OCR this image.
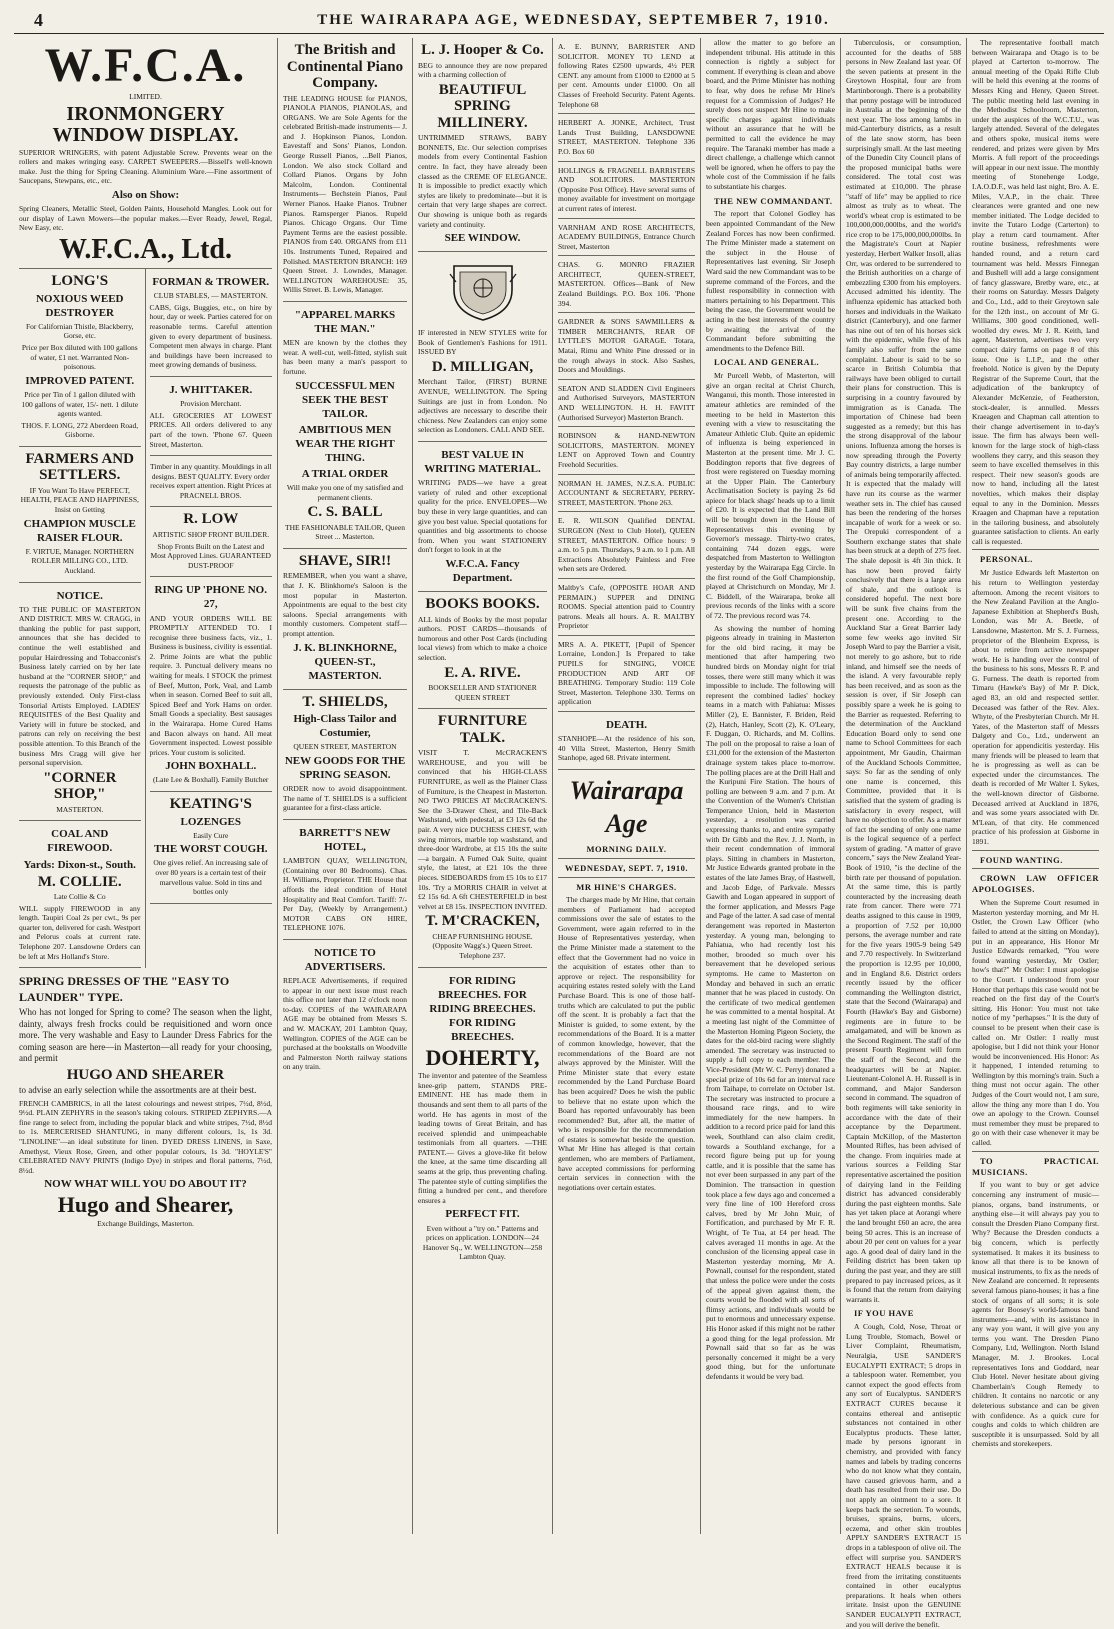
4	THE WAIRARAPA AGE, WEDNESDAY, SEPTEMBER 7, 1910.
W.F.C.A.

LIMITED.

IRONMONGERY WINDOW DISPLAY.

SUPERIOR WRINGERS, with patent Adjustable Screw. Prevents wear on the rollers and makes wringing easy. CARPET SWEEPERS.—Bissell's well-known make. Just the thing for Spring Cleaning. Aluminium Ware.—Fine assortment of Saucepans, Stewpans, etc., etc.

Also on Show:

Spring Cleaners, Metallic Steel, Golden Paints, Household Mangles. Look out for our display of Lawn Mowers—the popular makes.—Ever Ready, Jewel, Regal, New Easy, etc.

W.F.C.A., Ltd.
LONG'S

NOXIOUS WEED DESTROYER

For Californian Thistle, Blackberry, Gorse, etc.

Price per Box diluted with 100 gallons of water, £1 net. Warranted Non-poisonous.

IMPROVED PATENT.

Price per Tin of 1 gallon diluted with 100 gallons of water, 15/- nett. 1 dilute agents wanted.

THOS. F. LONG, 272 Aberdeen Road, Gisborne.

FARMERS AND SETTLERS.

IF You Want To Have PERFECT, HEALTH, PEACE AND HAPPINESS, Insist on Getting

CHAMPION MUSCLE RAISER FLOUR.

F. VIRTUE, Manager. NORTHERN ROLLER MILLING CO., LTD. Auckland.

NOTICE.

TO THE PUBLIC OF MASTERTON AND DISTRICT. MRS W. CRAGG, in thanking the public for past support, announces that she has decided to continue the well established and popular Hairdressing and Tobacconist's Business lately carried on by her late husband at the "CORNER SHOP," and requests the patronage of the public as previously extended. Only First-class Tonsorial Artists Employed. LADIES' REQUISITES of the Best Quality and Variety will in future be stocked, and patrons can rely on receiving the best possible attention. To this Branch of the business Mrs Cragg will give her personal supervision.

"CORNER SHOP,"

MASTERTON.

COAL AND FIREWOOD.

Yards: Dixon-st., South.

M. COLLIE.

Late Collie & Co

WILL supply FIREWOOD in any length. Taupiri Coal 2s per cwt., 9s per quarter ton, delivered for cash. Westport and Pelorus coals at current rate. Telephone 207. Lansdowne Orders can be left at Mrs Holland's Store.

FORMAN & TROWER.

CLUB STABLES, — MASTERTON.

CABS, Gigs, Buggies, etc., on hire by hour, day or week. Parties catered for on reasonable terms. Careful attention given to every department of business. Competent men always in charge. Plant and buildings have been increased to meet growing demands of business.

J. WHITTAKER.

Provision Merchant.

ALL GROCERIES AT LOWEST PRICES. All orders delivered to any part of the town. 'Phone 67. Queen Street, Masterton.

Timber in any quantity. Mouldings in all designs. BEST QUALITY. Every order receives expert attention. Right Prices at PRACNELL BROS.

R. LOW

ARTISTIC SHOP FRONT BUILDER.

Shop Fronts Built on the Latest and Most Approved Lines. GUARANTEED DUST-PROOF

RING UP 'PHONE NO. 27,

AND YOUR ORDERS WILL BE PROMPTLY ATTENDED TO. I recognise three business facts, viz., 1. Business is business, civility is essential. 2. Prime Joints are what the public require. 3. Punctual delivery means no waiting for meals. I STOCK the primest of Beef, Mutton, Pork, Veal, and Lamb when in season. Corned Beef to suit all, Spiced Beef and York Hams on order. Small Goods a speciality. Best sausages in the Wairarapa. Home Cured Hams and Bacon always on hand. All meat Government inspected. Lowest possible prices. Your custom is solicited.

JOHN BOXHALL.

(Late Lee & Boxhall). Family Butcher

KEATING'S

LOZENGES

Easily Cure

THE WORST COUGH.

One gives relief. An increasing sale of over 80 years is a certain test of their marvellous value. Sold in tins and bottles only

SPRING DRESSES OF THE "EASY TO LAUNDER" TYPE.

Who has not longed for Spring to come? The season when the light, dainty, always fresh frocks could be requisitioned and worn once more. The very washable and Easy to Launder Dress Fabrics for the coming season are here—in Masterton—all ready for your choosing, and permit

HUGO AND SHEARER

to advise an early selection while the assortments are at their best.

FRENCH CAMBRICS, in all the latest colourings and newest stripes, 7½d, 8½d, 9½d. PLAIN ZEPHYRS in the season's taking colours. STRIPED ZEPHYRS.—A fine range to select from, including the popular black and white stripes, 7½d, 8½d to 1s. MERCERISED SHANTUNG, in many different colours, 1s, 1s 3d. "LINOLINE"—an ideal substitute for linen. DYED DRESS LINENS, in Saxe, Amethyst, Vieux Rose, Green, and other popular colours, 1s 3d. "HOYLE'S" CELEBRATED NAVY PRINTS (Indigo Dye) in stripes and floral patterns, 7½d, 8½d.

NOW WHAT WILL YOU DO ABOUT IT?

Hugo and Shearer,

Exchange Buildings, Masterton.

The British and Continental Piano Company.

THE LEADING HOUSE for PIANOS, PIANOLA PIANOS, PIANOLAS, and ORGANS. We are Sole Agents for the celebrated British-made instruments— J. and J. Hopkinson Pianos, London. Eavestaff and Sons' Pianos, London. George Russell Pianos, ...Bell Pianos, London. We also stock Collard and Collard Pianos. Organs by John Malcolm, London. Continental Instruments— Bechstein Pianos, Paul Werner Pianos. Haake Pianos. Trubner Pianos. Ramsperger Pianos. Rupeld Pianos. Chicago Organs. Our Time Payment Terms are the easiest possible. PIANOS from £40. ORGANS from £11 10s. Instruments Tuned, Repaired and Polished. MASTERTON BRANCH: 169 Queen Street. J. Lowndes, Manager. WELLINGTON WAREHOUSE: 35, Willis Street. B. Lewis, Manager.

"APPAREL MARKS THE MAN."

MEN are known by the clothes they wear. A well-cut, well-fitted, stylish suit has been many a man's passport to fortune.

SUCCESSFUL MEN SEEK THE BEST TAILOR.

AMBITIOUS MEN WEAR THE RIGHT THING.

A TRIAL ORDER

Will make you one of my satisfied and permanent clients.

C. S. BALL

THE FASHIONABLE TAILOR, Queen Street ... Masterton.

SHAVE, SIR!!

REMEMBER, when you want a shave, that J. K. Blinkhorne's Saloon is the most popular in Masterton. Appointments are equal to the best city saloons. Special arrangements with monthly customers. Competent staff—prompt attention.

J. K. BLINKHORNE, QUEEN-ST., MASTERTON.

T. SHIELDS,

High-Class Tailor and Costumier,

QUEEN STREET, MASTERTON

NEW GOODS FOR THE SPRING SEASON.

ORDER now to avoid disappointment. The name of T. SHIELDS is a sufficient guarantee for a first-class article.

BARRETT'S NEW HOTEL,

LAMBTON QUAY, WELLINGTON, (Containing over 80 Bedrooms). Chas. H. Williams, Proprietor. THE House that affords the ideal condition of Hotel Hospitality and Real Comfort. Tariff: 7/- Per Day, (Weekly by Arrangement.) MOTOR CABS ON HIRE, TELEPHONE 1076.

NOTICE TO ADVERTISERS.

REPLACE Advertisements, if required to appear in our next issue must reach this office not later than 12 o'clock noon to-day. COPIES of the WAIRARAPA AGE may be obtained from Messrs S. and W. MACKAY, 201 Lambton Quay, Wellington. COPIES of the AGE can be purchased at the bookstalls on Woodville and Palmerston North railway stations on any train.

L. J. Hooper & Co.

BEG to announce they are now prepared with a charming collection of

BEAUTIFUL SPRING MILLINERY.

UNTRIMMED STRAWS, BABY BONNETS, Etc. Our selection comprises models from every Continental Fashion centre. In fact, they have already been classed as the CREME OF ELEGANCE. It is impossible to predict exactly which styles are likely to predominate—but it is certain that very large shapes are correct. Our showing is unique both as regards variety and continuity.

SEE WINDOW.

IF interested in NEW STYLES write for Book of Gentlemen's Fashions for 1911. ISSUED BY

D. MILLIGAN,

Merchant Tailor, (FIRST) BURNE AVENUE, WELLINGTON. The Spring Suitings are just in from London. No adjectives are necessary to describe their chicness. New Zealanders can enjoy some selection as Londoners. CALL AND SEE.

BEST VALUE IN WRITING MATERIAL.

WRITING PADS—we have a great variety of ruled and other exceptional quality for the price. ENVELOPES—We buy these in very large quantities, and can give you best value. Special quotations for quantities and big assortments to choose from. When you want STATIONERY don't forget to look in at the

W.F.C.A. Fancy Department.

BOOKS BOOKS.

ALL kinds of Books by the most popular authors. POST CARDS—thousands of humorous and other Post Cards (including local views) from which to make a choice selection.

E. A. RIVE.

BOOKSELLER AND STATIONER QUEEN STREET

FURNITURE TALK.

VISIT T. McCRACKEN'S WAREHOUSE, and you will be convinced that his HIGH-CLASS FURNITURE, as well as the Plainer Class of Furniture, is the Cheapest in Masterton. NO TWO PRICES AT McCRACKEN'S. See the 3-Drawer Chest, and Tile-Back Washstand, with pedestal, at £3 12s 6d the pair. A very nice DUCHESS CHEST, with swing mirrors, marble top washstand, and three-door Wardrobe, at £15 10s the suite—a bargain. A Fumed Oak Suite, quaint style, the latest, at £21 10s the three pieces. SIDEBOARDS from £5 10s to £17 10s. 'Try a MORRIS CHAIR in velvet at £2 15s 6d. A 6ft CHESTERFIELD in best velvet at £8 15s. INSPECTION INVITED.

T. M'CRACKEN,

CHEAP FURNISHING HOUSE. (Opposite Wagg's.) Queen Street. Telephone 237.

FOR RIDING BREECHES. FOR RIDING BREECHES. FOR RIDING BREECHES.

DOHERTY,

The inventor and patentee of the Seamless knee-grip pattern, STANDS PRE-EMINENT. HE has made them in thousands and sent them to all parts of the world. He has agents in most of the leading towns of Great Britain, and has received splendid and unimpeachable testimonials from all quarters. —THE PATENT.— Gives a glove-like fit below the knee, at the same time discarding all seams at the grip, thus preventing chafing. The patentee style of cutting simplifies the fitting a hundred per cent., and therefore ensures a

PERFECT FIT.

Even without a "try on." Patterns and prices on application. LONDON—24 Hanover Sq., W. WELLINGTON—258 Lambton Quay.

A. E. BUNNY, BARRISTER AND SOLICITOR. MONEY TO LEND at following Rates £2500 upwards, 4½ PER CENT. any amount from £1000 to £2000 at 5 per cent. Amounts under £1000. On all Classes of Freehold Security. Patent Agents. Telephone 68
HERBERT A. JONKE, Architect, Trust Lands Trust Building, LANSDOWNE STREET, MASTERTON. Telephone 336 P.O. Box 60
HOLLINGS & FRAGNELL BARRISTERS AND SOLICITORS. MASTERTON (Opposite Post Office). Have several sums of money available for investment on mortgage at current rates of interest.
VARNHAM AND ROSE ARCHITECTS, ACADEMY BUILDINGS, Entrance Church Street, Masterton
CHAS. G. MONRO FRAZIER ARCHITECT, QUEEN-STREET, MASTERTON. Offices—Bank of New Zealand Buildings. P.O. Box 106. 'Phone 394.
GARDNER & SONS SAWMILLERS & TIMBER MERCHANTS, REAR OF LYTTLE'S MOTOR GARAGE. Totara, Matai, Rimu and White Pine dressed or in the rough always in stock. Also Sashes, Doors and Mouldings.
SEATON AND SLADDEN Civil Engineers and Authorised Surveyors, MASTERTON AND WELLINGTON. H. H. FAVITT (Authorised Surveyor) Masterton Branch.
ROBINSON & HAND-NEWTON SOLICITORS, MASTERTON. MONEY LENT on Approved Town and Country Freehold Securities.
NORMAN H. JAMES, N.Z.S.A. PUBLIC ACCOUNTANT & SECRETARY, PERRY-STREET, MASTERTON. 'Phone 263.
E. R. WILSON Qualified DENTAL SURGEON (Next to Club Hotel), QUEEN STREET, MASTERTON. Office hours: 9 a.m. to 5 p.m. Thursdays, 9 a.m. to 1 p.m. All Extractions Absolutely Painless and Free when sets are Ordered.
Maltby's Cafe, (OPPOSITE HOAR AND PERMAIN.) SUPPER and DINING ROOMS. Special attention paid to Country patrons. Meals all hours. A. R. MALTBY Proprietor
MRS A. A. PIKETT, [Pupil of Spencer Lorraine, London.] Is Prepared to take PUPILS for SINGING, VOICE PRODUCTION AND ART OF BREATHING. Temporary Studio: 119 Cole Street, Masterton. Telephone 330. Terms on application

DEATH.

STANHOPE—At the residence of his son, 40 Villa Street, Masterton, Henry Smith Stanhope, aged 68. Private interment.

Wairarapa Age

MORNING DAILY.

WEDNESDAY, SEPT. 7, 1910.

MR HINE'S CHARGES.

The charges made by Mr Hine, that certain members of Parliament had accepted commissions over the sale of estates to the Government, were again referred to in the House of Representatives yesterday, when the Prime Minister made a statement to the effect that the Government had no voice in the acquisition of estates other than to approve or reject. The responsibility for acquiring estates rested solely with the Land Purchase Board. This is one of those half-truths which are calculated to put the public off the scent. It is probably a fact that the Minister is guided, to some extent, by the recommendations of the Board. It is a matter of common knowledge, however, that the recommendations of the Board are not always approved by the Minister. Will the Prime Minister state that every estate recommended by the Land Purchase Board has been acquired? Does he wish the public to believe that no estate upon which the Board has reported unfavourably has been recommended? But, after all, the matter of who is responsible for the recommendation of estates is somewhat beside the question. What Mr Hine has alleged is that certain gentlemen, who are members of Parliament, have accepted commissions for performing certain services in connection with the negotiations over certain estates.

allow the matter to go before an independent tribunal. His attitude in this connection is rightly a subject for comment. If everything is clean and above board, and the Prime Minister has nothing to fear, why does he refuse Mr Hine's request for a Commission of Judges? He surely does not suspect Mr Hine to make specific charges against individuals without an assurance that he will be permitted to call the evidence he may require. The Taranaki member has made a direct challenge, a challenge which cannot well be ignored, when he offers to pay the whole cost of the Commission if he fails to substantiate his charges.

THE NEW COMMANDANT.

The report that Colonel Godley has been appointed Commandant of the New Zealand Forces has now been confirmed. The Prime Minister made a statement on the subject in the House of Representatives last evening. Sir Joseph Ward said the new Commandant was to be supreme command of the Forces, and the fullest responsibility in connection with matters pertaining to his Department. This being the case, the Government would be acting in the best interests of the country by awaiting the arrival of the Commandant before submitting the amendments to the Defence Bill.

LOCAL AND GENERAL.

Mr Purcell Webb, of Masterton, will give an organ recital at Christ Church, Wanganui, this month. Those interested in amateur athletics are reminded of the meeting to be held in Masterton this evening with a view to resuscitating the Amateur Athletic Club. Quite an epidemic of influenza is being experienced in Masterton at the present time. Mr J. C. Boddington reports that five degrees of frost were registered on Tuesday morning at the Upper Plain. The Canterbury Acclimatisation Society is paying 2s 6d apiece for black shags' heads up to a limit of £20. It is expected that the Land Bill will be brought down in the House of Representatives this evening by Governor's message. Thirty-two crates, containing 744 dozen eggs, were despatched from Masterton to Wellington yesterday by the Wairarapa Egg Circle. In the first round of the Golf Championship, played at Christchurch on Monday, Mr J. C. Biddell, of the Wairarapa, broke all previous records of the links with a score of 72. The previous record was 74.

As showing the number of homing pigeons already in training in Masterton for the old bird racing, it may be mentioned that after hampering two hundred birds on Monday night for trial tosses, there were still many which it was impossible to include. The following will represent the combined ladies' hockey teams in a match with Pahiatua: Misses Miller (2), E. Bannister, F. Briden, Reid (2), Hatch, Hanley, Scott (2), K. O'Leary, F. Duggan, O. Richards, and M. Collins. The poll on the proposal to raise a loan of £31,000 for the extension of the Masterton drainage system takes place to-morrow. The polling places are at the Drill Hall and the Kuripuni Fire Station. The hours of polling are between 9 a.m. and 7 p.m. At the Convention of the Women's Christian Temperance Union, held in Masterton yesterday, a resolution was carried expressing thanks to, and entire sympathy with Dr Gibb and the Rev. J. J. North, in their recent condemnation of immoral plays. Sitting in chambers in Masterton, Mr Justice Edwards granted probate in the estates of the late James Bray, of Hastwell, and Jacob Edge, of Parkvale. Messrs Gawith and Logan appeared in support of the former application, and Messrs Page and Page of the latter. A sad case of mental derangement was reported in Masterton yesterday. A young man, belonging to Pahiatua, who had recently lost his mother, brooded so much over his bereavement that he developed serious symptoms. He came to Masterton on Monday and behaved in such an erratic manner that he was placed in custody. On the certificate of two medical gentlemen he was committed to a mental hospital. At a meeting last night of the Committee of the Masterton Homing Pigeon Society, the dates for the old-bird racing were slightly amended. The secretary was instructed to supply a full copy to each member. The Vice-President (Mr W. C. Perry) donated a special prize of 10s 6d for an interval race from Taihape, to correlate on October 1st. The secretary was instructed to procure a thousand race rings, and to wire immediately for the new hampers. In addition to a record price paid for land this week, Southland can also claim credit, towards a Southland exchange, for a record figure being put up for young cattle, and it is possible that the same has not ever been surpassed in any part of the Dominion. The transaction in question took place a few days ago and concerned a very fine line of 100 Hereford cross calves, bred by Mr John Muir, of Fortification, and purchased by Mr F. R. Wright, of Te Tua, at £4 per head. The calves averaged 11 months in age. At the conclusion of the licensing appeal case in Masterton yesterday morning, Mr A. Pownall, counsel for the respondent, stated that unless the police were under the costs of the appeal given against them, the courts would be flooded with all sorts of flimsy actions, and individuals would be put to enormous and unnecessary expense. His Honor asked if this might not be rather a good thing for the legal profession. Mr Pownall said that so far as he was personally concerned it might be a very good thing, but for the unfortunate defendants it would be very bad.

Tuberculosis, or consumption, accounted for the deaths of 588 persons in New Zealand last year. Of the seven patients at present in the Greytown Hospital, four are from Martinborough. There is a probability that penny postage will be introduced in Australia at the beginning of the next year. The loss among lambs in mid-Canterbury districts, as a result of the late snow storm, has been surprisingly small. At the last meeting of the Dunedin City Council plans of the proposed municipal baths were considered. The total cost was estimated at £10,000. The phrase "staff of life" may be applied to rice almost as truly as to wheat. The world's wheat crop is estimated to be 100,000,000,000lbs, and the world's rice crop to be 175,000,000,000lbs. In the Magistrate's Court at Napier yesterday, Herbert Walker Insoll, alias Orr, was ordered to be surrendered to the British authorities on a charge of embezzling £300 from his employers. Accused admitted his identity. The influenza epidemic has attacked both horses and individuals in the Waikato district (Canterbury), and one farmer has nine out of ten of his horses sick with the epidemic, while five of his family also suffer from the same complaint. Labour is said to be so scarce in British Columbia that railways have been obliged to curtail their plans for construction. This is surprising in a country favoured by immigration as is Canada. The importation of Chinese had been suggested as a remedy; but this has the strong disapproval of the labour unions. Influenza among the horses is now spreading through the Poverty Bay country districts, a large number of animals being temporarily affected. It is expected that the malady will have run its course as the warmer weather sets in. The chief has caused has been the rendering of the horses incapable of work for a week or so. The Orepuki correspondent of a Southern exchange states that shale has been struck at a depth of 275 feet. The shale deposit is 4ft 3in thick. It has now been proved fairly conclusively that there is a large area of shale, and the outlook is considered hopeful. The next bore will be sunk five chains from the present one. According to the Auckland Star a Great Barrier lady some few weeks ago invited Sir Joseph Ward to pay the Barrier a visit, not merely to go ashore, but to ride inland, and himself see the needs of the island. A very favourable reply has been received, and as soon as the session is over, if Sir Joseph can possibly spare a week he is going to the Barrier as requested. Referring to the determination of the Auckland Education Board only to send one name to School Committees for each appointment, Mr Gaudin, Chairman of the Auckland Schools Committee, says: So far as the sending of only one name is concerned, this Committee, provided that it is satisfied that the system of grading is satisfactory in every respect, will have no objection to offer. As a matter of fact the sending of only one name is the logical sequence of a perfect system of grading. "A matter of grave concern," says the New Zealand Year-Book of 1910, "is the decline of the birth rate per thousand of population. At the same time, this is partly counteracted by the increasing death rate from cancer. There were 771 deaths assigned to this cause in 1909, a proportion of 7.52 per 10,000 persons, the average number and rate for the five years 1905-9 being 549 and 7.70 respectively. In Switzerland the proportion is 12.95 per 10,000, and in England 8.6. District orders recently issued by the officer commanding the Wellington district, state that the Second (Wairarapa) and Fourth (Hawke's Bay and Gisborne) regiments are in future to be amalgamated, and will be known as the Second Regiment. The staff of the present Fourth Regiment will form the staff of the Second, and the headquarters will be at Napier. Lieutenant-Colonel A. H. Russell is in command, and Major Sanderson second in command. The squadron of both regiments will take seniority in accordance with the date of their acceptance by the Department. Captain McKillop, of the Masterton Mounted Rifles, has been advised of the change. From inquiries made at various sources a Feilding Star representative ascertained the position of dairying land in the Feilding district has advanced considerably during the past eighteen months. Sale has yet taken place at Aorangi where the land brought £60 an acre, the area being 50 acres. This is an increase of about 20 per cent on values for a year ago. A good deal of dairy land in the Feilding district has been taken up during the past year, and they are still prepared to pay increased prices, as it is found that the return from dairying warrants it.

IF YOU HAVE

A Cough, Cold, Nose, Throat or Lung Trouble, Stomach, Bowel or Liver Complaint, Rheumatism, Neuralgia, USE SANDER'S EUCALYPTI EXTRACT; 5 drops in a tablespoon water. Remember, you cannot expect the good effects from any sort of Eucalyptus. SANDER'S EXTRACT CURES because it contains ethereal and antiseptic substances not contained in other Eucalyptus products. These latter, made by persons ignorant in chemistry, and provided with fancy names and labels by trading concerns who do not know what they contain, have caused grievous harm, and a death has resulted from their use. Do not apply an ointment to a sore. It keeps back the secretion. To wounds, bruises, sprains, burns, ulcers, eczema, and other skin troubles APPLY SANDER'S EXTRACT 15 drops in a tablespoon of olive oil. The effect will surprise you. SANDER'S EXTRACT HEALS because it is freed from the irritating constituents contained in other eucalyptus preparations. It heals when others irritate. Insist upon the GENUINE SANDER EUCALYPTI EXTRACT, and you will derive the benefit.

The representative football match between Wairarapa and Otago is to be played at Carterton to-morrow. The annual meeting of the Opaki Rifle Club will be held this evening at the rooms of Messrs King and Henry, Queen Street. The public meeting held last evening in the Methodist Schoolroom, Masterton, under the auspices of the W.C.T.U., was largely attended. Several of the delegates and others spoke, musical items were rendered, and prizes were given by Mrs Morris. A full report of the proceedings will appear in our next issue. The monthly meeting of Stonehenge Lodge, I.A.O.D.F., was held last night, Bro. A. E. Miles, V.A.P., in the chair. Three clearances were granted and one new member initiated. The Lodge decided to invite the Tutaro Lodge (Carterton) to play a return card tournament. After routine business, refreshments were handed round, and a return card tournament was held. Messrs Finnegan and Bushell will add a large consignment of fancy glassware, Bretby ware, etc., at their rooms on Saturday. Messrs Dalgety and Co., Ltd., add to their Greytown sale for the 12th inst., on account of Mr G. Williams, 300 good conditioned, well-woolled dry ewes. Mr J. R. Keith, land agent, Masterton, advertises two very compact dairy farms on page 8 of this issue. One is L.I.P., and the other freehold. Notice is given by the Deputy Registrar of the Supreme Court, that the adjudication of the bankruptcy of Alexander McKenzie, of Featherston, stock-dealer, is annulled. Messrs Kraeagen and Chapman call attention to their change advertisement in to-day's issue. The firm has always been well-known for the large stock of high-class woollens they carry, and this season they seem to have excelled themselves in this respect. Their new season's goods are now to hand, including all the latest novelties, which makes their display equal to any in the Dominion. Messrs Kraagen and Chapman have a reputation in the tailoring business, and absolutely guarantee satisfaction to clients. An early call is requested.

PERSONAL.

Mr Justice Edwards left Masterton on his return to Wellington yesterday afternoon. Among the recent visitors to the New Zealand Pavilion at the Anglo-Japanese Exhibition at Shepherd's Bush, London, was Mr A. Beetle, of Lansdowne, Masterton. Mr S. J. Furness, proprietor of the Blenheim Express, is about to retire from active newspaper work. He is handing over the control of the business to his sons, Messrs R. P. and G. Furness. The death is reported from Timaru (Hawke's Bay) of Mr P. Dick, aged 83, an old and respected settler. Deceased was father of the Rev. Alex. Whyte, of the Presbyterian Church. Mr H. Yates, of the Masterton staff of Messrs Dalgety and Co., Ltd., underwent an operation for appendicitis yesterday. His many friends will be pleased to learn that he is progressing as well as can be expected under the circumstances. The death is recorded of Mr Walter I. Sykes, the well-known director of Gisborne. Deceased arrived at Auckland in 1876, and was some years associated with Dr. M'Lean, of that city. He commenced practice of his profession at Gisborne in 1891.

FOUND WANTING.

CROWN LAW OFFICER APOLOGISES.

When the Supreme Court resumed in Masterton yesterday morning, and Mr H. Ostler, the Crown Law Officer (who failed to attend at the sitting on Monday), put in an appearance, His Honor Mr Justice Edwards remarked, "You were found wanting yesterday, Mr Ostler; how's that?" Mr Ostler: I must apologise to the Court. I understood from your Honor that perhaps this case would not be reached on the first day of the Court's sitting. His Honor: You must not take notice of my "perhapses." It is the duty of counsel to be present when their case is called on. Mr Ostler: I really must apologise, but I did not think your Honor would be inconvenienced. His Honor: As it happened, I intended returning to Wellington by this morning's train. Such a thing must not occur again. The other Judges of the Court would not, I am sure, allow the thing any more than I do. You owe an apology to the Crown. Counsel must remember they must be prepared to go on with their case whenever it may be called.

TO PRACTICAL MUSICIANS.

If you want to buy or get advice concerning any instrument of music—pianos, organs, band instruments, or anything else—it will always pay you to consult the Dresden Piano Company first. Why? Because the Dresden conducts a big concern, which is perfectly systematised. It makes it its business to know all that there is to be known of musical instruments, to fix as the needs of New Zealand are concerned. It represents several famous piano-houses; it has a fine stock of organs of all sorts; it is sole agents for Boosey's world-famous band instruments—and, with its assistance in any way you want, it will give you any terms you want. The Dresden Piano Company, Ltd, Wellington. North Island Manager, M. J. Brookes. Local representatives Ions and Goddard, near Club Hotel. Never hesitate about giving Chamberlain's Cough Remedy to children. It contains no narcotic or any deleterious substance and can be given with confidence. As a quick cure for coughs and colds to which children are susceptible it is unsurpassed. Sold by all chemists and storekeepers.
